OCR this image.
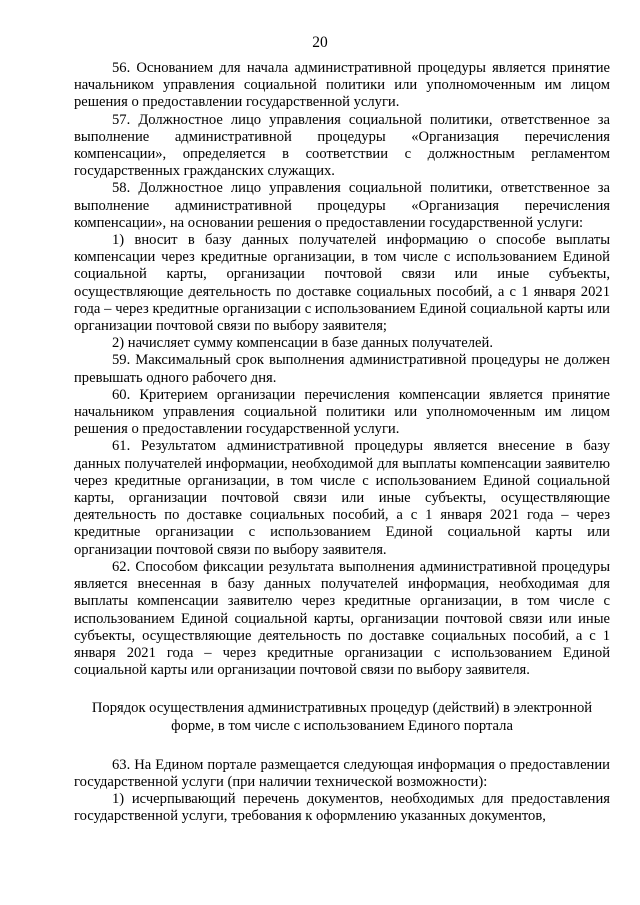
20

56. Основанием для начала административной процедуры является принятие начальником управления социальной политики или уполномоченным им лицом решения о предоставлении государственной услуги.

57. Должностное лицо управления социальной политики, ответственное за выполнение административной процедуры «Организация перечисления компенсации», определяется в соответствии с должностным регламентом государственных гражданских служащих.

58. Должностное лицо управления социальной политики, ответственное за выполнение административной процедуры «Организация перечисления компенсации», на основании решения о предоставлении государственной услуги:

1) вносит в базу данных получателей информацию о способе выплаты компенсации через кредитные организации, в том числе с использованием Единой социальной карты, организации почтовой связи или иные субъекты, осуществляющие деятельность по доставке социальных пособий, а с 1 января 2021 года – через кредитные организации с использованием Единой социальной карты или организации почтовой связи по выбору заявителя;

2) начисляет сумму компенсации в базе данных получателей.

59. Максимальный срок выполнения административной процедуры не должен превышать одного рабочего дня.

60. Критерием организации перечисления компенсации является принятие начальником управления социальной политики или уполномоченным им лицом решения о предоставлении государственной услуги.

61. Результатом административной процедуры является внесение в базу данных получателей информации, необходимой для выплаты компенсации заявителю через кредитные организации, в том числе с использованием Единой социальной карты, организации почтовой связи или иные субъекты, осуществляющие деятельность по доставке социальных пособий, а с 1 января 2021 года – через кредитные организации с использованием Единой социальной карты или организации почтовой связи по выбору заявителя.

62. Способом фиксации результата выполнения административной процедуры является внесенная в базу данных получателей информация, необходимая для выплаты компенсации заявителю через кредитные организации, в том числе с использованием Единой социальной карты, организации почтовой связи или иные субъекты, осуществляющие деятельность по доставке социальных пособий, а с 1 января 2021 года – через кредитные организации с использованием Единой социальной карты или организации почтовой связи по выбору заявителя.

Порядок осуществления административных процедур (действий) в электронной форме, в том числе с использованием Единого портала

63. На Едином портале размещается следующая информация о предоставлении государственной услуги (при наличии технической возможности):

1) исчерпывающий перечень документов, необходимых для предоставления государственной услуги, требования к оформлению указанных документов,
